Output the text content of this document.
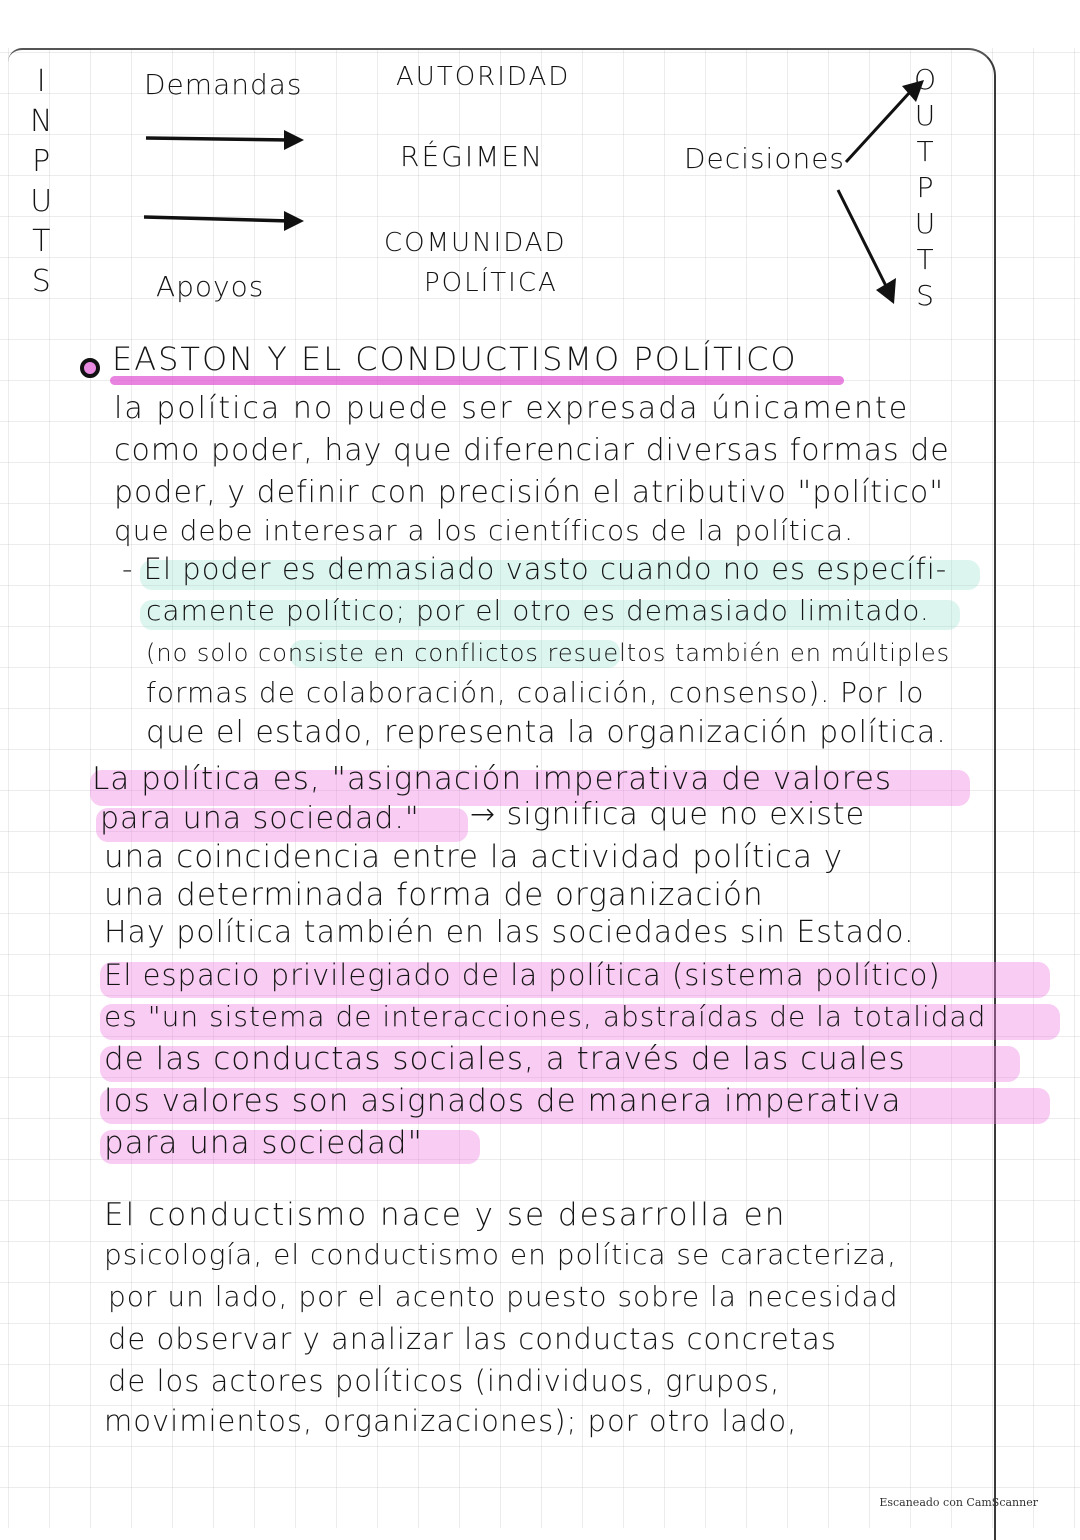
I
N
P
U
T
S
Demandas
Apoyos
AUTORIDAD
RÉGIMEN
COMUNIDAD
POLÍTICA
Decisiones
O
U
T
P
U
T
S
EASTON Y EL CONDUCTISMO POLÍTICO
la política no puede ser expresada únicamente
como poder, hay que diferenciar diversas formas de
poder, y definir con precisión el atributivo "político"
que debe interesar a los científicos de la política.
- El poder es demasiado vasto cuando no es específi-
camente político; por el otro es demasiado limitado.
(no solo consiste en conflictos resueltos también en múltiples
formas de colaboración, coalición, consenso). Por lo
que el estado, representa la organización política.
La política es, "asignación imperativa de valores
para una sociedad." → significa que no existe
una coincidencia entre la actividad política y
una determinada forma de organización
Hay política también en las sociedades sin Estado.
El espacio privilegiado de la política (sistema político)
es "un sistema de interacciones, abstraídas de la totalidad
de las conductas sociales, a través de las cuales
los valores son asignados de manera imperativa
para una sociedad"
El conductismo nace y se desarrolla en
psicología, el conductismo en política se caracteriza,
por un lado, por el acento puesto sobre la necesidad
de observar y analizar las conductas concretas
de los actores políticos (individuos, grupos,
movimientos, organizaciones); por otro lado,
Escaneado con CamScanner
